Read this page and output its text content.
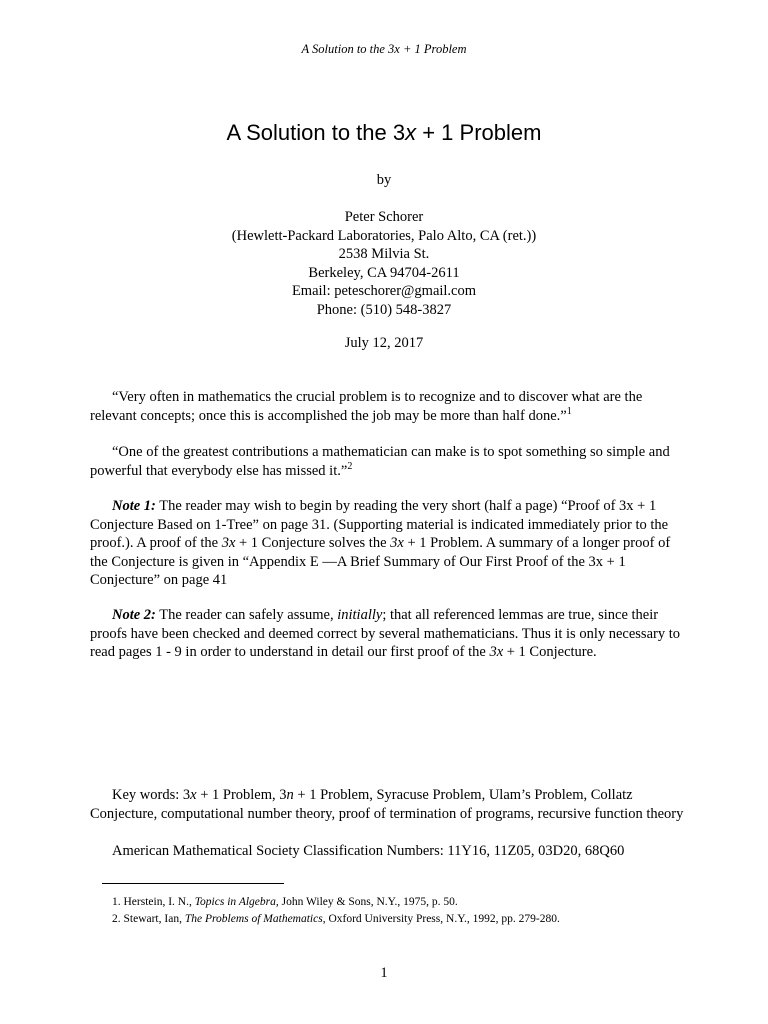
A Solution to the 3x + 1 Problem
A Solution to the 3x + 1 Problem
by
Peter Schorer
(Hewlett-Packard Laboratories, Palo Alto, CA (ret.))
2538 Milvia St.
Berkeley, CA 94704-2611
Email: peteschorer@gmail.com
Phone: (510) 548-3827
July 12, 2017

“Very often in mathematics the crucial problem is to recognize and to discover what are the relevant concepts; once this is accomplished the job may be more than half done.”$^1$

“One of the greatest contributions a mathematician can make is to spot something so simple and powerful that everybody else has missed it.”$^2$

Note 1: The reader may wish to begin by reading the very short (half a page) “Proof of 3x + 1 Conjecture Based on 1-Tree” on page 31. (Supporting material is indicated immediately prior to the proof.). A proof of the 3x + 1 Conjecture solves the 3x + 1 Problem. A summary of a longer proof of the Conjecture is given in “Appendix E —A Brief Summary of Our First Proof of the 3x + 1 Conjecture” on page 41

Note 2: The reader can safely assume, initially; that all referenced lemmas are true, since their proofs have been checked and deemed correct by several mathematicians. Thus it is only necessary to read pages 1 - 9 in order to understand in detail our first proof of the 3x + 1 Conjecture.

Key words: 3x + 1 Problem, 3n + 1 Problem, Syracuse Problem, Ulam’s Problem, Collatz Conjecture, computational number theory, proof of termination of programs, recursive function theory

American Mathematical Society Classification Numbers: 11Y16, 11Z05, 03D20, 68Q60

1. Herstein, I. N., Topics in Algebra, John Wiley & Sons, N.Y., 1975, p. 50.
2. Stewart, Ian, The Problems of Mathematics, Oxford University Press, N.Y., 1992, pp. 279-280.
1
